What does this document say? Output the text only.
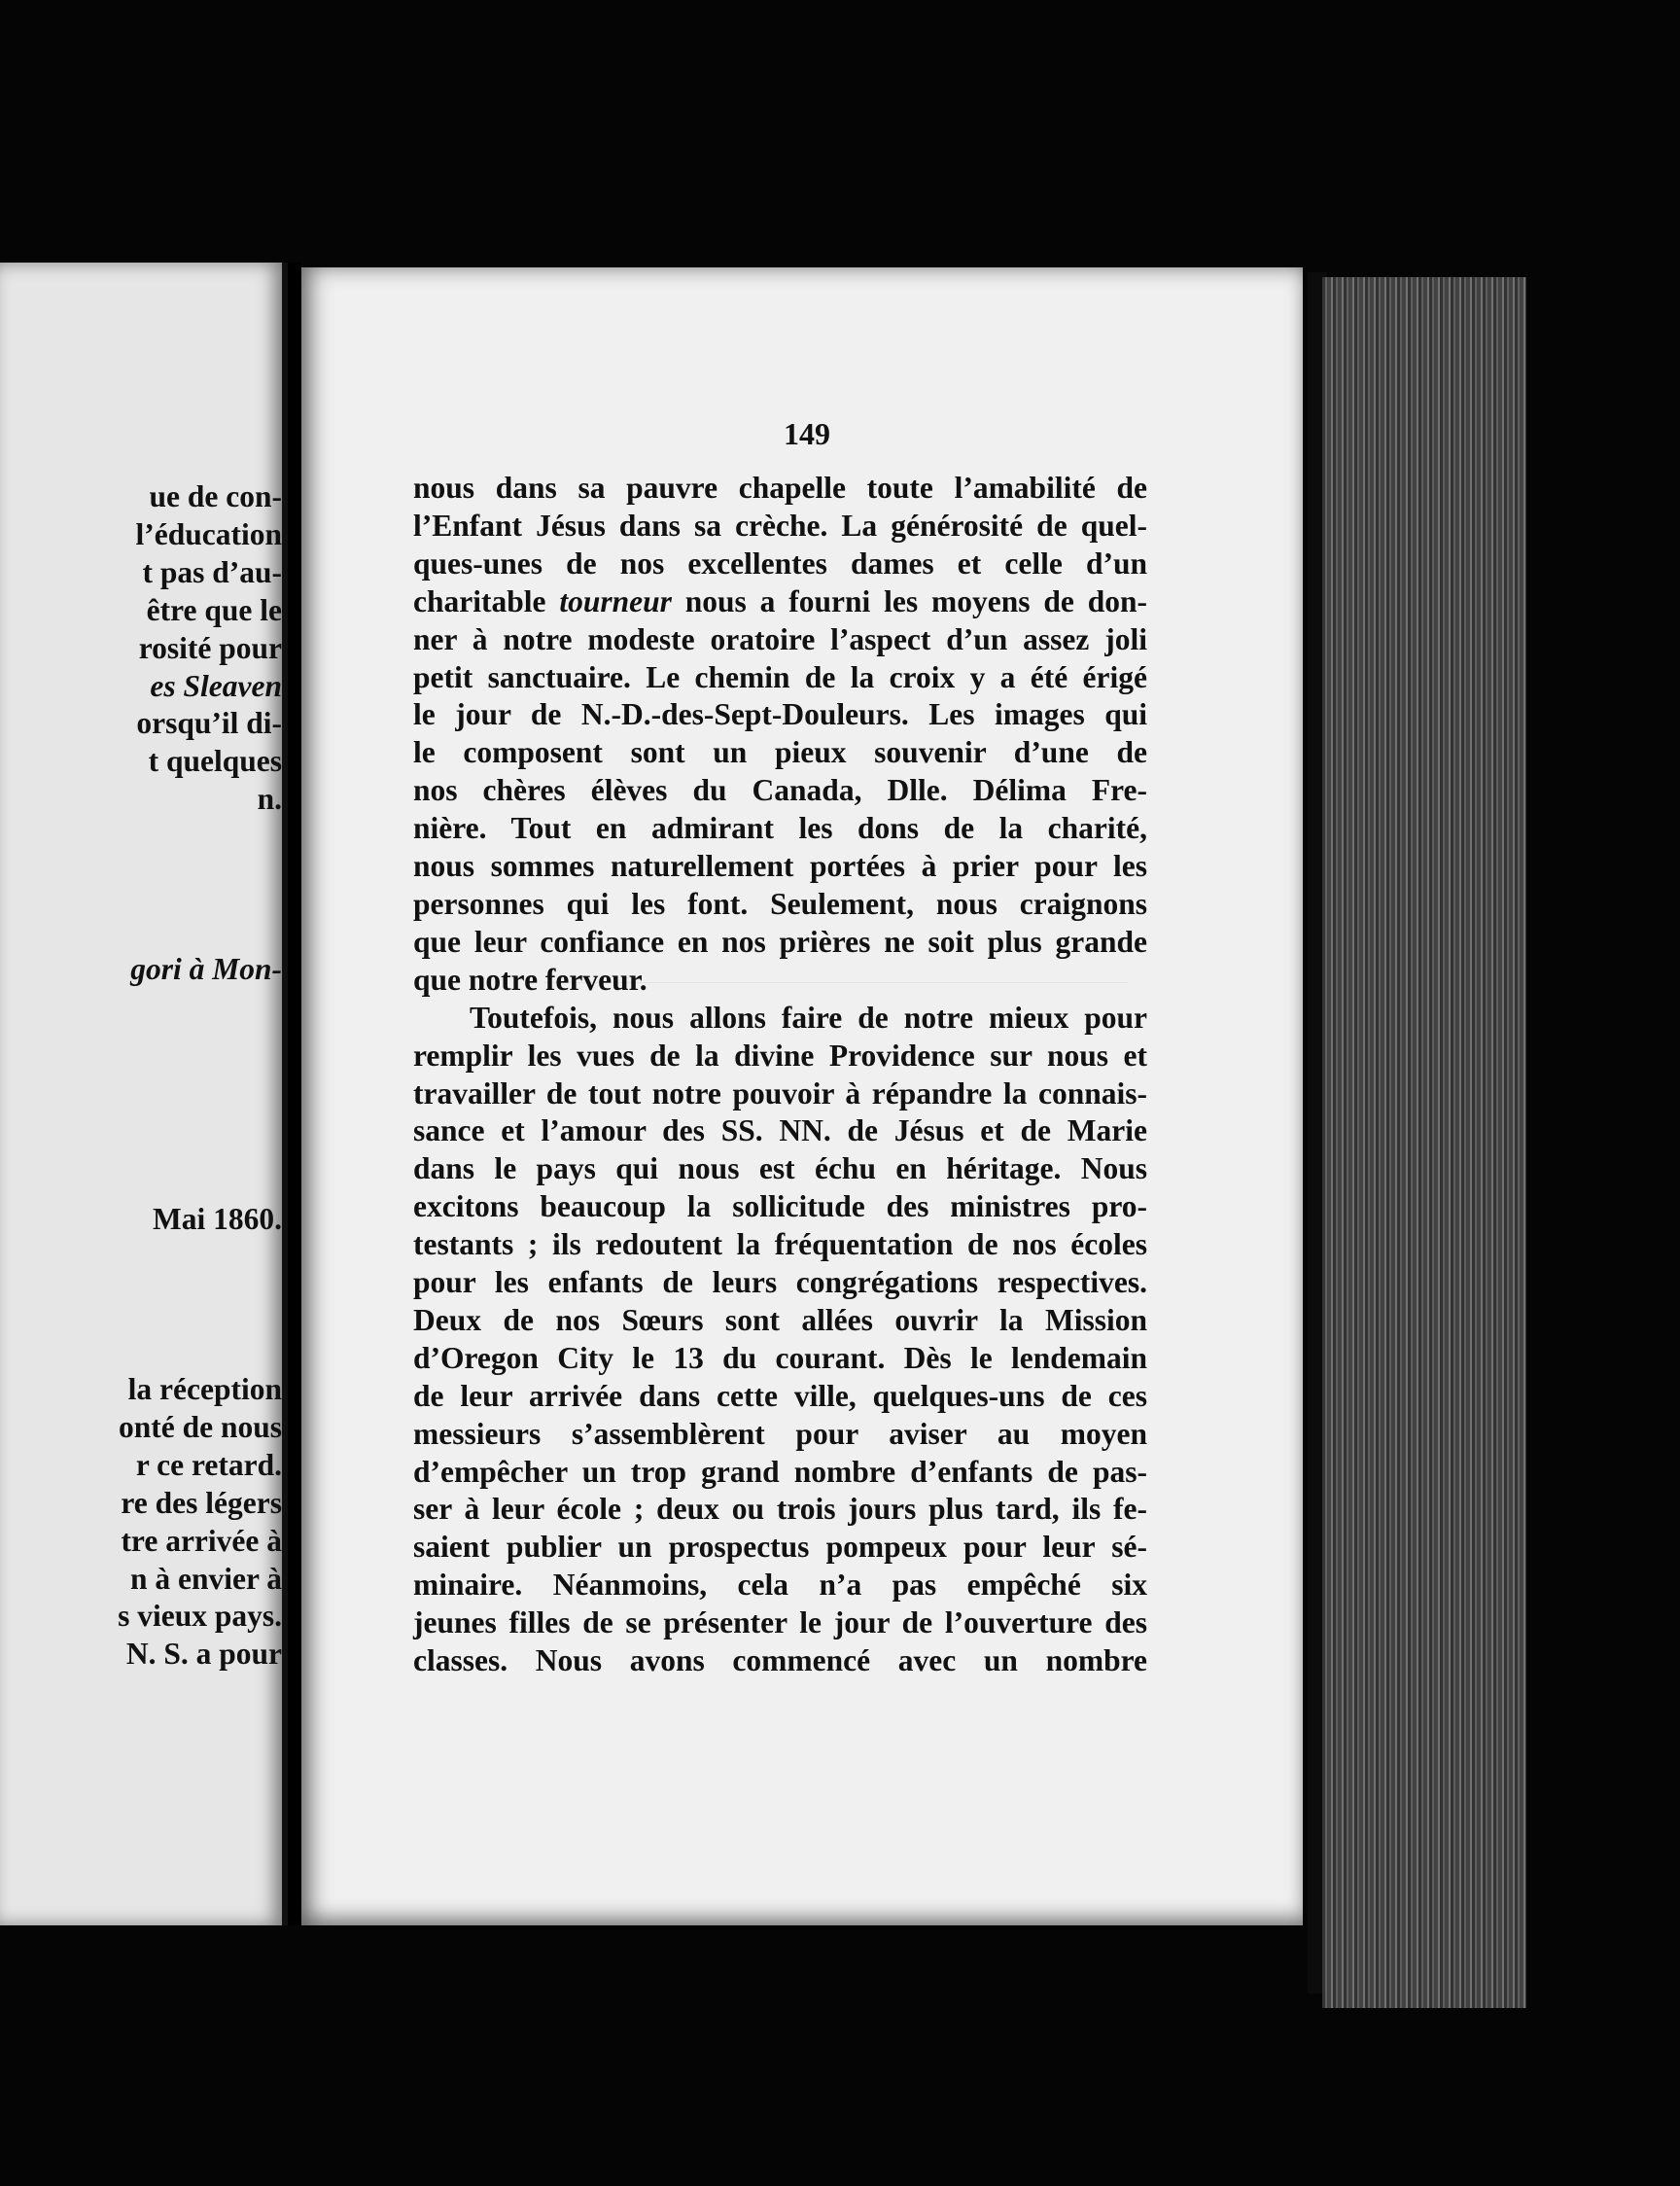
149
nous dans sa pauvre chapelle toute l’amabilité de
l’Enfant Jésus dans sa crèche. La générosité de quel-
ques-unes de nos excellentes dames et celle d’un
charitable tourneur nous a fourni les moyens de don-
ner à notre modeste oratoire l’aspect d’un assez joli
petit sanctuaire. Le chemin de la croix y a été érigé
le jour de N.-D.-des-Sept-Douleurs. Les images qui
le composent sont un pieux souvenir d’une de
nos chères élèves du Canada, Dlle. Délima Fre-
nière. Tout en admirant les dons de la charité,
nous sommes naturellement portées à prier pour les
personnes qui les font. Seulement, nous craignons
que leur confiance en nos prières ne soit plus grande
que notre ferveur.
Toutefois, nous allons faire de notre mieux pour
remplir les vues de la divine Providence sur nous et
travailler de tout notre pouvoir à répandre la connais-
sance et l’amour des SS. NN. de Jésus et de Marie
dans le pays qui nous est échu en héritage. Nous
excitons beaucoup la sollicitude des ministres pro-
testants ; ils redoutent la fréquentation de nos écoles
pour les enfants de leurs congrégations respectives.
Deux de nos Sœurs sont allées ouvrir la Mission
d’Oregon City le 13 du courant. Dès le lendemain
de leur arrivée dans cette ville, quelques-uns de ces
messieurs s’assemblèrent pour aviser au moyen
d’empêcher un trop grand nombre d’enfants de pas-
ser à leur école ; deux ou trois jours plus tard, ils fe-
saient publier un prospectus pompeux pour leur sé-
minaire. Néanmoins, cela n’a pas empêché six
jeunes filles de se présenter le jour de l’ouverture des
classes. Nous avons commencé avec un nombre
ue de con-
l’éducation
t pas d’au-
être que le
rosité pour
es Sleaven
orsqu’il di-
t quelques
n.
gori à Mon-
Mai 1860.
la réception
onté de nous
r ce retard.
re des légers
tre arrivée à
n à envier à
s vieux pays.
N. S. a pour
